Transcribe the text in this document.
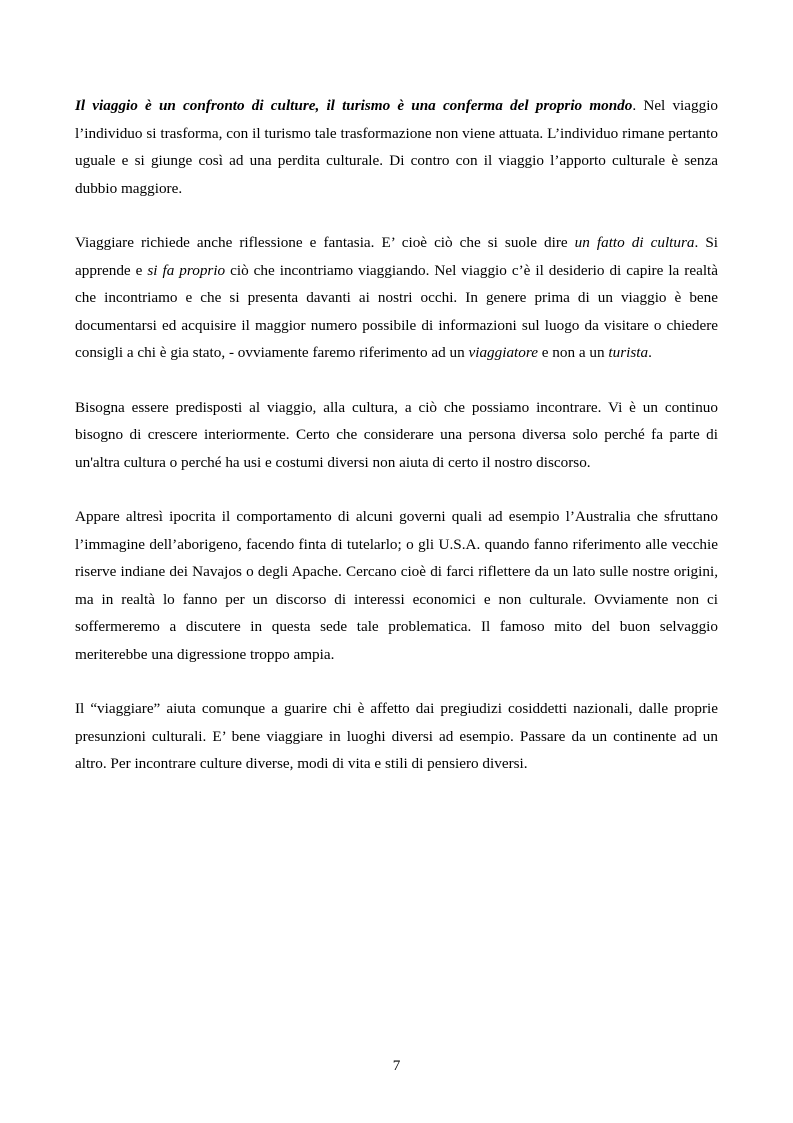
Il viaggio è un confronto di culture, il turismo è una conferma del proprio mondo. Nel viaggio l’individuo si trasforma, con il turismo tale trasformazione non viene attuata. L’individuo rimane pertanto uguale e si giunge così ad una perdita culturale. Di contro con il viaggio l’apporto culturale è senza dubbio maggiore.

Viaggiare richiede anche riflessione e fantasia. E’ cioè ciò che si suole dire un fatto di cultura. Si apprende e si fa proprio ciò che incontriamo viaggiando. Nel viaggio c’è il desiderio di capire la realtà che incontriamo e che si presenta davanti ai nostri occhi. In genere prima di un viaggio è bene documentarsi ed acquisire il maggior numero possibile di informazioni sul luogo da visitare o chiedere consigli a chi è gia stato, - ovviamente faremo riferimento ad un viaggiatore e non a un turista.

Bisogna essere predisposti al viaggio, alla cultura, a ciò che possiamo incontrare. Vi è un continuo bisogno di crescere interiormente. Certo che considerare una persona diversa solo perché fa parte di un'altra cultura o perché ha usi e costumi diversi non aiuta di certo il nostro discorso.

Appare altresì ipocrita il comportamento di alcuni governi quali ad esempio l’Australia che sfruttano l’immagine dell’aborigeno, facendo finta di tutelarlo; o gli U.S.A. quando fanno riferimento alle vecchie riserve indiane dei Navajos o degli Apache. Cercano cioè di farci riflettere da un lato sulle nostre origini, ma in realtà lo fanno per un discorso di interessi economici e non culturale. Ovviamente non ci soffermeremo a discutere in questa sede tale problematica. Il famoso mito del buon selvaggio meriterebbe una digressione troppo ampia.

Il “viaggiare” aiuta comunque a guarire chi è affetto dai pregiudizi cosiddetti nazionali, dalle proprie presunzioni culturali. E’ bene viaggiare in luoghi diversi ad esempio. Passare da un continente ad un altro. Per incontrare culture diverse, modi di vita e stili di pensiero diversi.

7
